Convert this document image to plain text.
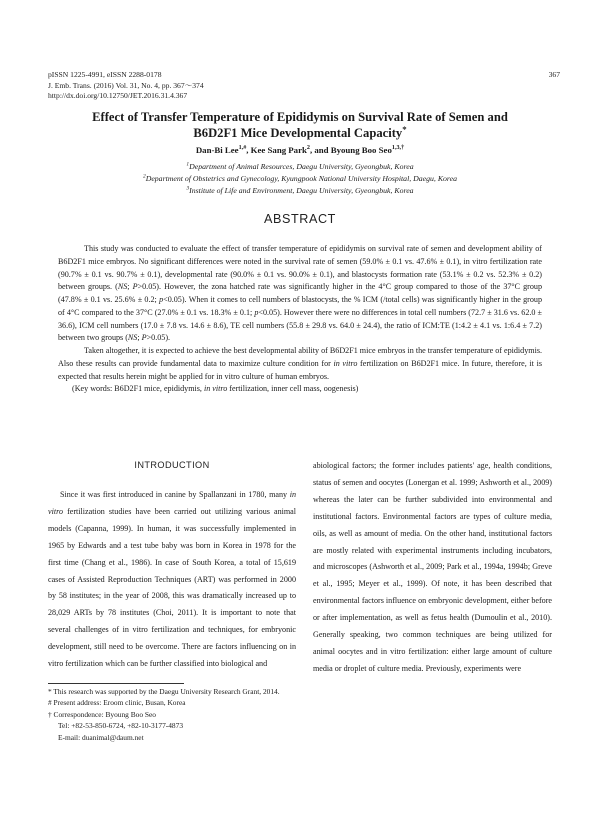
pISSN 1225-4991, eISSN 2288-0178
J. Emb. Trans. (2016) Vol. 31, No. 4, pp. 367～374
http://dx.doi.org/10.12750/JET.2016.31.4.367
367
Effect of Transfer Temperature of Epididymis on Survival Rate of Semen and
B6D2F1 Mice Developmental Capacity*
Dan-Bi Lee$^{1,\#}$, Kee Sang Park$^2$, and Byoung Boo Seo$^{1,3,\dagger}$
$^1$Department of Animal Resources, Daegu University, Gyeongbuk, Korea
$^2$Department of Obstetrics and Gynecology, Kyungpook National University Hospital, Daegu, Korea
$^3$Institute of Life and Environment, Daegu University, Gyeongbuk, Korea
ABSTRACT

This study was conducted to evaluate the effect of transfer temperature of epididymis on survival rate of semen and development ability of B6D2F1 mice embryos. No significant differences were noted in the survival rate of semen (59.0% ± 0.1 vs. 47.6% ± 0.1), in vitro fertilization rate (90.7% ± 0.1 vs. 90.7% ± 0.1), developmental rate (90.0% ± 0.1 vs. 90.0% ± 0.1), and blastocysts formation rate (53.1% ± 0.2 vs. 52.3% ± 0.2) between groups. (NS; P>0.05). However, the zona hatched rate was significantly higher in the 4°C group compared to those of the 37°C group (47.8% ± 0.1 vs. 25.6% ± 0.2; p<0.05). When it comes to cell numbers of blastocysts, the % ICM (/total cells) was significantly higher in the group of 4°C compared to the 37°C (27.0% ± 0.1 vs. 18.3% ± 0.1; p<0.05). However there were no differences in total cell numbers (72.7 ± 31.6 vs. 62.0 ± 36.6), ICM cell numbers (17.0 ± 7.8 vs. 14.6 ± 8.6), TE cell numbers (55.8 ± 29.8 vs. 64.0 ± 24.4), the ratio of ICM:TE (1:4.2 ± 4.1 vs. 1:6.4 ± 7.2) between two groups (NS; P>0.05).

Taken altogether, it is expected to achieve the best developmental ability of B6D2F1 mice embryos in the transfer temperature of epididymis. Also these results can provide fundamental data to maximize culture condition for in vitro fertilization on B6D2F1 mice. In future, therefore, it is expected that results herein might be applied for in vitro culture of human embryos.

(Key words: B6D2F1 mice, epididymis, in vitro fertilization, inner cell mass, oogenesis)

INTRODUCTION

Since it was first introduced in canine by Spallanzani in 1780, many in vitro fertilization studies have been carried out utilizing various animal models (Capanna, 1999). In human, it was successfully implemented in 1965 by Edwards and a test tube baby was born in Korea in 1978 for the first time (Chang et al., 1986). In case of South Korea, a total of 15,619 cases of Assisted Reproduction Techniques (ART) was performed in 2000 by 58 institutes; in the year of 2008, this was dramatically increased up to 28,029 ARTs by 78 institutes (Choi, 2011). It is important to note that several challenges of in vitro fertilization and techniques, for embryonic development, still need to be overcome. There are factors influencing on in vitro fertilization which can be further classified into biological and

abiological factors; the former includes patients' age, health conditions, status of semen and oocytes (Lonergan et al. 1999; Ashworth et al., 2009) whereas the later can be further subdivided into environmental and institutional factors. Environmental factors are types of culture media, oils, as well as amount of media. On the other hand, institutional factors are mostly related with experimental instruments including incubators, and microscopes (Ashworth et al., 2009; Park et al., 1994a, 1994b; Greve et al., 1995; Meyer et al., 1999). Of note, it has been described that environmental factors influence on embryonic development, either before or after implementation, as well as fetus health (Dumoulin et al., 2010). Generally speaking, two common techniques are being utilized for animal oocytes and in vitro fertilization: either large amount of culture media or droplet of culture media. Previously, experiments were

* This research was supported by the Daegu University Research Grant, 2014.
# Present address: Eroom clinic, Busan, Korea
† Correspondence: Byoung Boo Seo
Tel: +82-53-850-6724, +82-10-3177-4873
E-mail: duanimal@daum.net
